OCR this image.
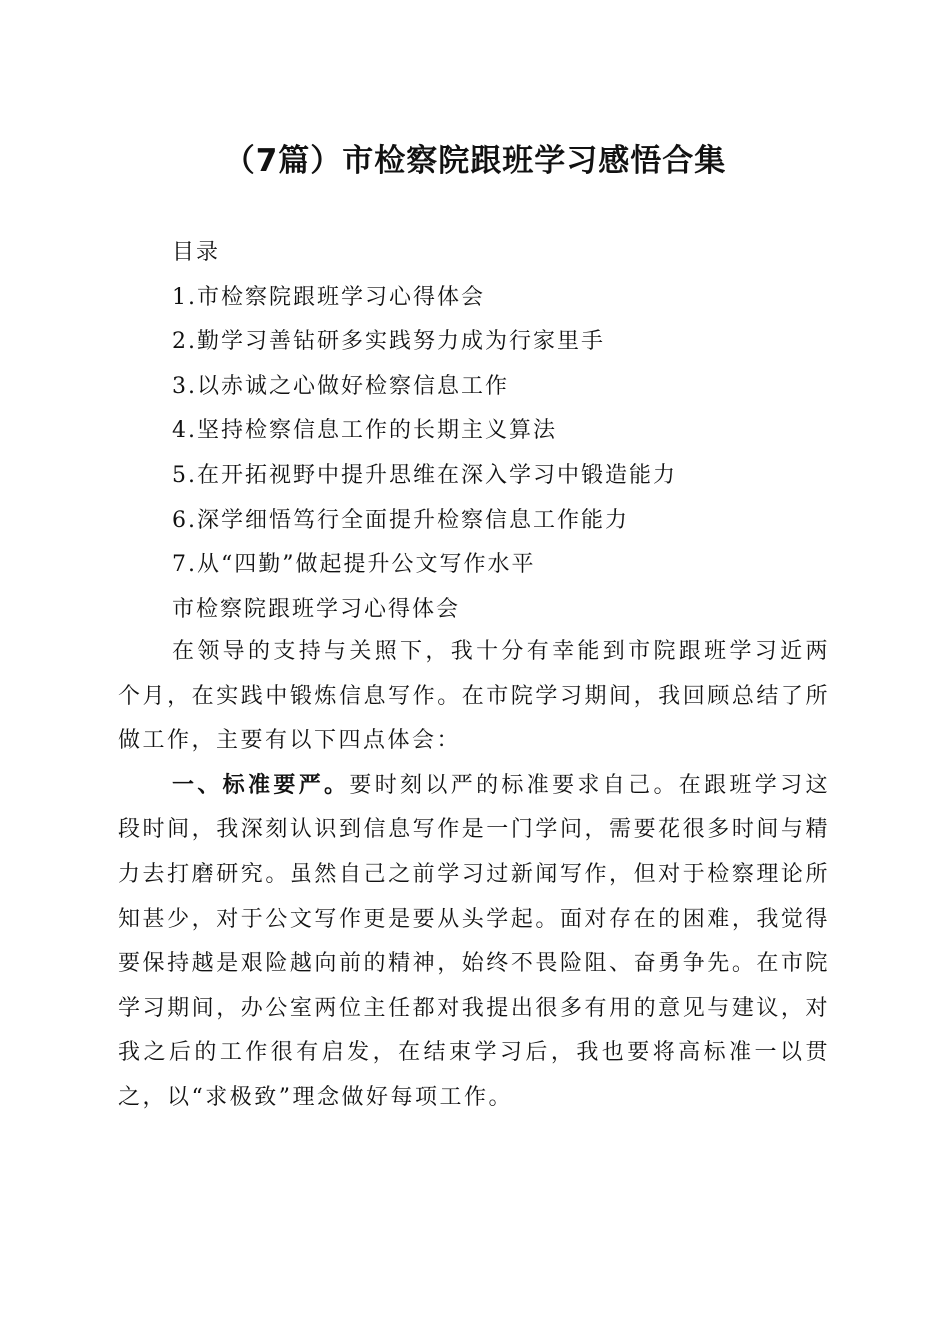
（7篇）市检察院跟班学习感悟合集
目录
1.市检察院跟班学习心得体会
2.勤学习善钻研多实践努力成为行家里手
3.以赤诚之心做好检察信息工作
4.坚持检察信息工作的长期主义算法
5.在开拓视野中提升思维在深入学习中锻造能力
6.深学细悟笃行全面提升检察信息工作能力
7.从“四勤”做起提升公文写作水平
市检察院跟班学习心得体会

在领导的支持与关照下，我十分有幸能到市院跟班学习近两个月，在实践中锻炼信息写作。在市院学习期间，我回顾总结了所做工作，主要有以下四点体会：

一、标准要严。要时刻以严的标准要求自己。在跟班学习这段时间，我深刻认识到信息写作是一门学问，需要花很多时间与精力去打磨研究。虽然自己之前学习过新闻写作，但对于检察理论所知甚少，对于公文写作更是要从头学起。面对存在的困难，我觉得要保持越是艰险越向前的精神，始终不畏险阻、奋勇争先。在市院学习期间，办公室两位主任都对我提出很多有用的意见与建议，对我之后的工作很有启发，在结束学习后，我也要将高标准一以贯之，以“求极致”理念做好每项工作。
